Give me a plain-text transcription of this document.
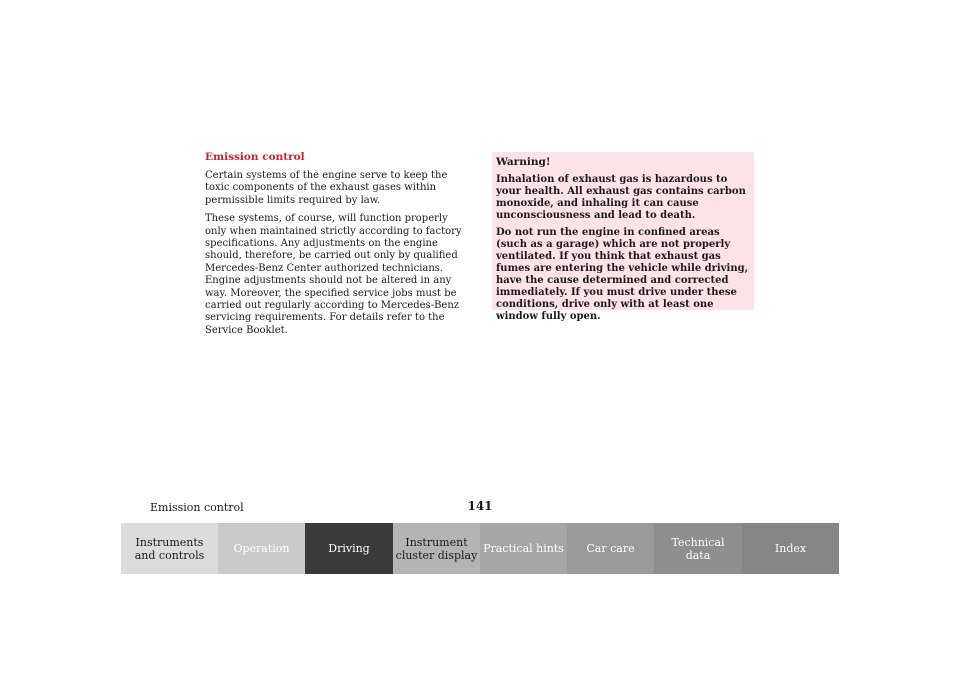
Emission control

Certain systems of the engine serve to keep the toxic components of the exhaust gases within permissible limits required by law.

These systems, of course, will function properly only when maintained strictly according to factory specifications. Any adjustments on the engine should, therefore, be carried out only by qualified Mercedes-Benz Center authorized technicians. Engine adjustments should not be altered in any way. Moreover, the specified service jobs must be carried out regularly according to Mercedes-Benz servicing requirements. For details refer to the Service Booklet.

Warning!

Inhalation of exhaust gas is hazardous to your health. All exhaust gas contains carbon monoxide, and inhaling it can cause unconsciousness and lead to death.

Do not run the engine in confined areas (such as a garage) which are not properly ventilated. If you think that exhaust gas fumes are entering the vehicle while driving, have the cause determined and corrected immediately. If you must drive under these conditions, drive only with at least one window fully open.

Emission control	141
Instruments
and controls	Operation	Driving	Instrument
cluster display Practical hints	Car care	Technical
data	Index
